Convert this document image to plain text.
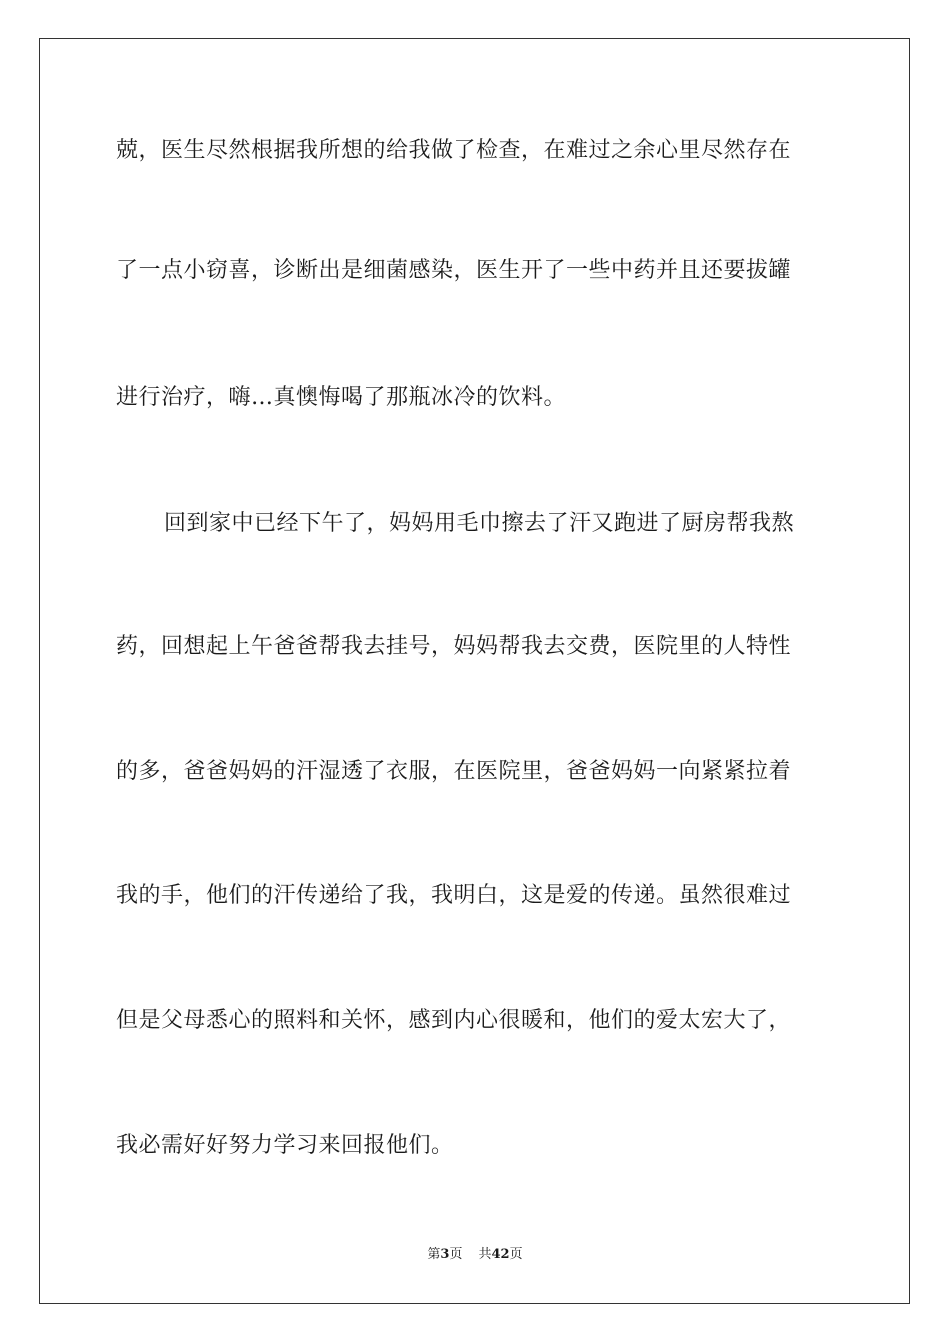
兢，医生尽然根据我所想的给我做了检查，在难过之余心里尽然存在
了一点小窃喜，诊断出是细菌感染，医生开了一些中药并且还要拔罐
进行治疗，嗨…真懊悔喝了那瓶冰冷的饮料。
回到家中已经下午了，妈妈用毛巾擦去了汗又跑进了厨房帮我熬
药，回想起上午爸爸帮我去挂号，妈妈帮我去交费，医院里的人特性
的多，爸爸妈妈的汗湿透了衣服，在医院里，爸爸妈妈一向紧紧拉着
我的手，他们的汗传递给了我，我明白，这是爱的传递。虽然很难过
但是父母悉心的照料和关怀，感到内心很暖和，他们的爱太宏大了，
我必需好好努力学习来回报他们。
第3页 共42页
